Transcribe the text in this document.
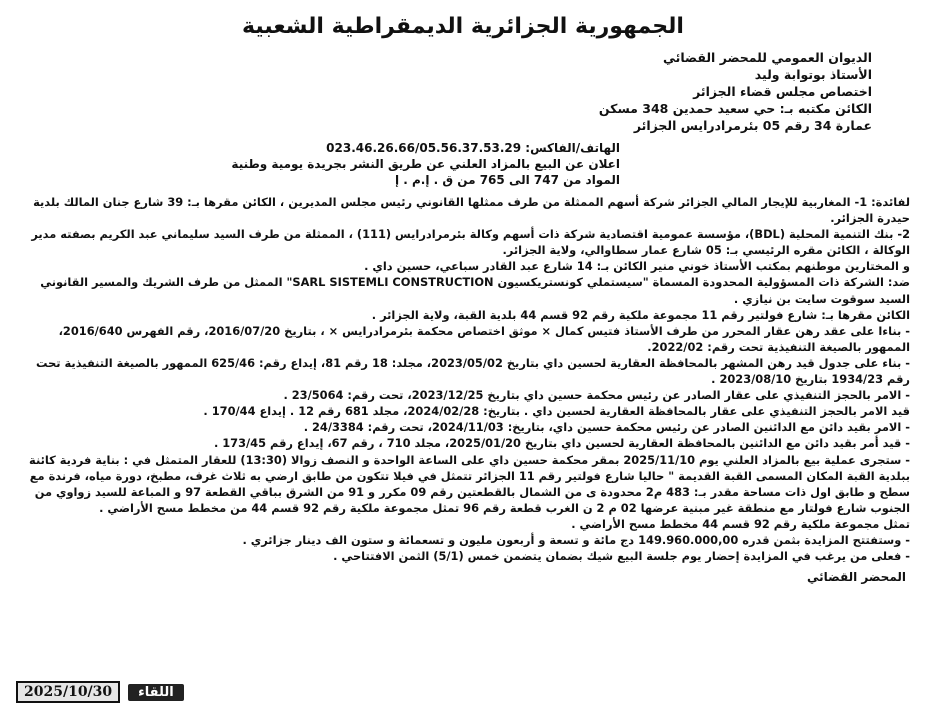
الجمهورية الجزائرية الديمقراطية الشعبية
الديوان العمومي للمحضر القضائي
الأستاذ بوتوابة وليد
اختصاص مجلس قضاء الجزائر
الكائن مكتبه بـ: حي سعيد حمدين 348 مسكن
عمارة 34 رقم 05 بئرمرادرايس الجزائر
الهاتف/الفاكس: 023.46.26.66/05.56.37.53.29
اعلان عن البيع بالمزاد العلني عن طريق النشر بجريدة يومية وطنية
المواد من 747 الى 765 من ق . إ.م . إ

لفائدة: 1- المغاربية للإيجار المالي الجزائر شركة أسهم الممثلة من طرف ممثلها القانوني رئيس مجلس المديرين ، الكائن مقرها بـ: 39 شارع جنان المالك بلدية حيدرة الجزائر.

2- بنك التنمية المحلية (BDL)، مؤسسة عمومية اقتصادية شركة ذات أسهم وكالة بئرمرادرايس (111) ، الممثلة من طرف السيد سليماني عبد الكريم بصفته مدير الوكالة ، الكائن مقره الرئيسي بـ: 05 شارع عمار سطاوالي، ولاية الجزائر.

و المختارين موطنهم بمكتب الأستاذ خوني منير الكائن بـ: 14 شارع عبد القادر سباعي، حسين داي .

ضد: الشركة ذات المسؤولية المحدودة المسماة "سيستملي كونستريكسيون SARL SISTEMLI CONSTRUCTION" الممثل من طرف الشريك والمسير القانوني السيد سوقوت سايت بن نيازي .

الكائن مقرها بـ: شارع فولتير رقم 11 مجموعة ملكية رقم 92 قسم 44 بلدية القبة، ولاية الجزائر .

- بناءا على عقد رهن عقار المحرر من طرف الأستاذ فتيس كمال × موثق اختصاص محكمة بئرمرادرايس × ، بتاريخ 2016/07/20، رقم الفهرس 2016/640، الممهور بالصيغة التنفيذية تحت رقم: 2022/02.

- بناء على جدول قيد رهن المشهر بالمحافظة العقارية لحسين داي بتاريخ 2023/05/02، مجلد: 18 رقم 81، إيداع رقم: 625/46 الممهور بالصيغة التنفيذية تحت رقم 1934/23 بتاريخ 2023/08/10 .

- الامر بالحجز التنفيذي على عقار الصادر عن رئيس محكمة حسين داي بتاريخ 2023/12/25، تحت رقم: 23/5064 .

قيد الامر بالحجز التنفيذي على عقار بالمحافظة العقارية لحسين داي . بتاريخ: 2024/02/28، مجلد 681 رقم 12 . إيداع 170/44 .

- الامر بقيد دائن مع الدائنين الصادر عن رئيس محكمة حسين داي، بتاريخ: 2024/11/03، تحت رقم: 24/3384 .

- قيد أمر بقيد دائن مع الدائنين بالمحافظة العقارية لحسين داي بتاريخ 2025/01/20، مجلد 710 ، رقم 67، إيداع رقم 173/45 .

- ستجرى عملية بيع بالمزاد العلني يوم 2025/11/10 بمقر محكمة حسين داي على الساعة الواحدة و النصف زوالا (13:30) للعقار المتمثل في : بناية فردية كائنة ببلدية القبة المكان المسمى القبة القديمة " حاليا شارع فولتير رقم 11 الجزائر تتمثل في فيلا تتكون من طابق ارضي به ثلاث غرف، مطبخ، دورة مياه، فرندة مع سطح و طابق اول ذات مساحة مقدر بـ: 483 م2 محدودة ى من الشمال بالقطعتين رقم 09 مكرر و 91 من الشرق بباقي القطعة 97 و المباعة للسيد زواوي من الجنوب شارع فولتار مع منطقة غير مبنية عرضها 02 م 2 ن الغرب قطعة رقم 96 تمثل مجموعة ملكية رقم 92 قسم 44 من مخطط مسح الأراضي .

تمثل مجموعة ملكية رقم 92 قسم 44 مخطط مسح الأراضي .

- وستفتتح المزايدة بثمن قدره 149.960.000,00 دج مائة و تسعة و أربعون مليون و تسعمائة و ستون الف دينار جزائري .

- فعلى من يرغب في المزايدة إحضار يوم جلسة البيع شيك بضمان يتضمن خمس (5/1) الثمن الافتتاحي .

المحضر القضائي
2025/10/30	اللقاء
